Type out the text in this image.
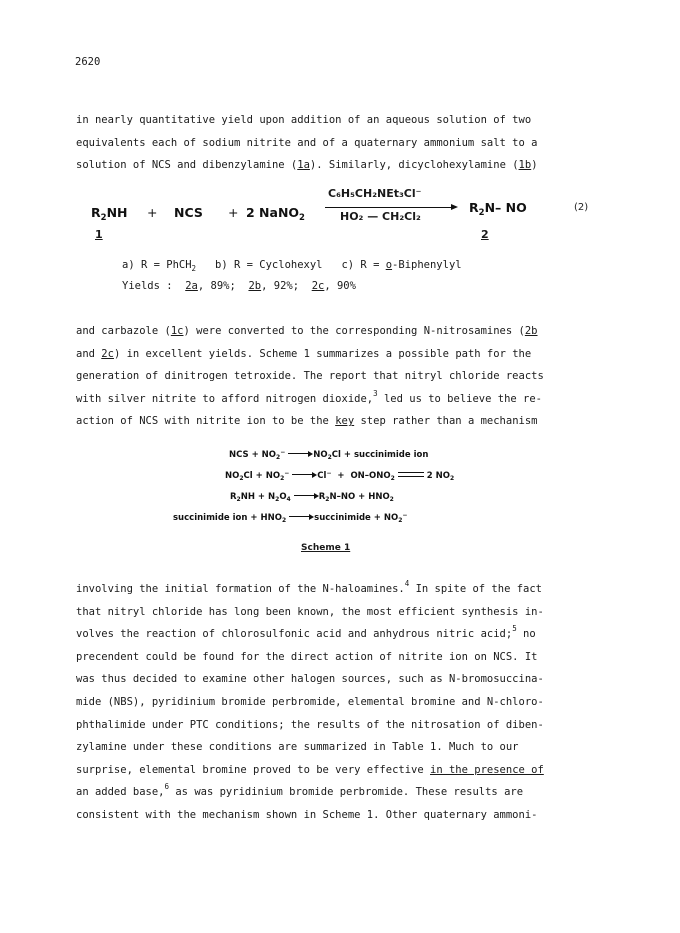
2620
in nearly quantitative yield upon addition of an aqueous solution of two
equivalents each of sodium nitrite and of a quaternary ammonium salt to a
solution of NCS and dibenzylamine (1a). Similarly, dicyclohexylamine (1b)
$R_2NH$ + NCS + 2 NaNO$_2$
C₆H₅CH₂NEt₃Cl⁻
HO₂ — CH₂Cl₂
$R_2N-$ NO	(2)
1	2
a) R = PhCH$_2$   b) R = Cyclohexyl   c) R = o-Biphenylyl
Yields :  2a, 89%;  2b, 92%;  2c, 90%
and carbazole (1c) were converted to the corresponding N-nitrosamines (2b
and 2c) in excellent yields. Scheme 1 summarizes a possible path for the
generation of dinitrogen tetroxide. The report that nitryl chloride reacts
with silver nitrite to afford nitrogen dioxide,$^3$ led us to believe the re-
action of NCS with nitrite ion to be the key step rather than a mechanism
NCS + $NO_2^-$	$NO_2Cl$ + succinimide ion
$NO_2Cl + NO_2^-$	$Cl^- + ON-ONO_2$	2 $NO_2$
$R_2NH + N_2O_4$	$R_2N-NO + HNO_2$
succinimide ion + $HNO_2$	succinimide + $NO_2^-$
Scheme 1
involving the initial formation of the N-haloamines.$^4$ In spite of the fact
that nitryl chloride has long been known, the most efficient synthesis in-
volves the reaction of chlorosulfonic acid and anhydrous nitric acid;$^5$ no
precendent could be found for the direct action of nitrite ion on NCS. It
was thus decided to examine other halogen sources, such as N-bromosuccina-
mide (NBS), pyridinium bromide perbromide, elemental bromine and N-chloro-
phthalimide under PTC conditions; the results of the nitrosation of diben-
zylamine under these conditions are summarized in Table 1. Much to our
surprise, elemental bromine proved to be very effective in the presence of
an added base,$^6$ as was pyridinium bromide perbromide. These results are
consistent with the mechanism shown in Scheme 1. Other quaternary ammoni-
